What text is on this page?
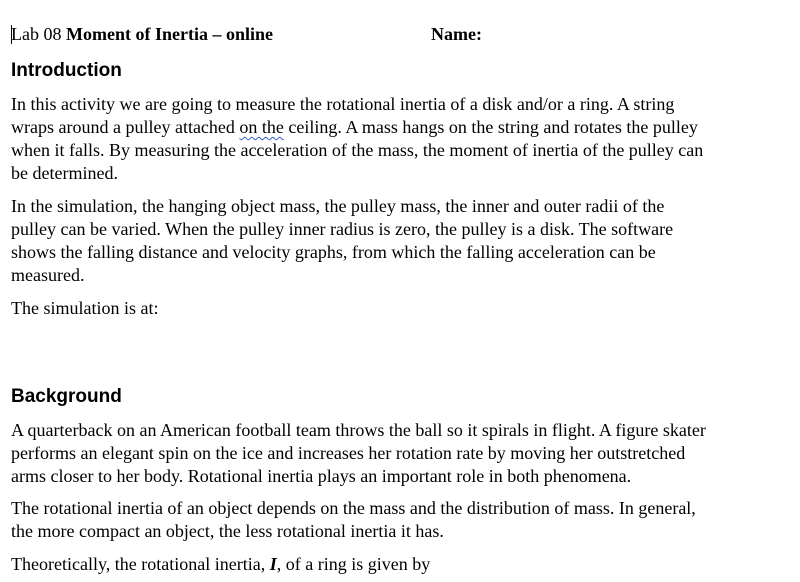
Lab 08 Moment of Inertia – online	Name:
Introduction

In this activity we are going to measure the rotational inertia of a disk and/or a ring. A string
wraps around a pulley attached on the ceiling. A mass hangs on the string and rotates the pulley
when it falls. By measuring the acceleration of the mass, the moment of inertia of the pulley can
be determined.

In the simulation, the hanging object mass, the pulley mass, the inner and outer radii of the
pulley can be varied. When the pulley inner radius is zero, the pulley is a disk. The software
shows the falling distance and velocity graphs, from which the falling acceleration can be
measured.

The simulation is at:

Background

A quarterback on an American football team throws the ball so it spirals in flight. A figure skater
performs an elegant spin on the ice and increases her rotation rate by moving her outstretched
arms closer to her body. Rotational inertia plays an important role in both phenomena.

The rotational inertia of an object depends on the mass and the distribution of mass. In general,
the more compact an object, the less rotational inertia it has.

Theoretically, the rotational inertia, I, of a ring is given by
